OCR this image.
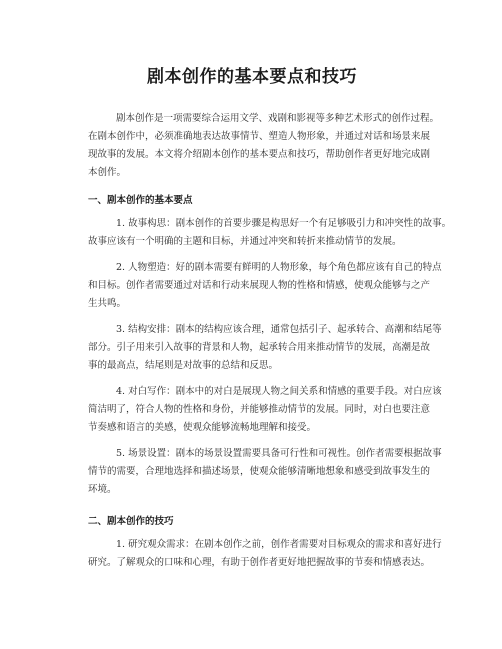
剧本创作的基本要点和技巧
剧本创作是一项需要综合运用文学、戏剧和影视等多种艺术形式的创作过程。
在剧本创作中，必须准确地表达故事情节、塑造人物形象，并通过对话和场景来展
现故事的发展。本文将介绍剧本创作的基本要点和技巧，帮助创作者更好地完成剧
本创作。
一、剧本创作的基本要点
1. 故事构思：剧本创作的首要步骤是构思好一个有足够吸引力和冲突性的故事。
故事应该有一个明确的主题和目标，并通过冲突和转折来推动情节的发展。
2. 人物塑造：好的剧本需要有鲜明的人物形象，每个角色都应该有自己的特点
和目标。创作者需要通过对话和行动来展现人物的性格和情感，使观众能够与之产
生共鸣。
3. 结构安排：剧本的结构应该合理，通常包括引子、起承转合、高潮和结尾等
部分。引子用来引入故事的背景和人物，起承转合用来推动情节的发展，高潮是故
事的最高点，结尾则是对故事的总结和反思。
4. 对白写作：剧本中的对白是展现人物之间关系和情感的重要手段。对白应该
简洁明了，符合人物的性格和身份，并能够推动情节的发展。同时，对白也要注意
节奏感和语言的美感，使观众能够流畅地理解和接受。
5. 场景设置：剧本的场景设置需要具备可行性和可视性。创作者需要根据故事
情节的需要，合理地选择和描述场景，使观众能够清晰地想象和感受到故事发生的
环境。
二、剧本创作的技巧
1. 研究观众需求：在剧本创作之前，创作者需要对目标观众的需求和喜好进行
研究。了解观众的口味和心理，有助于创作者更好地把握故事的节奏和情感表达。
